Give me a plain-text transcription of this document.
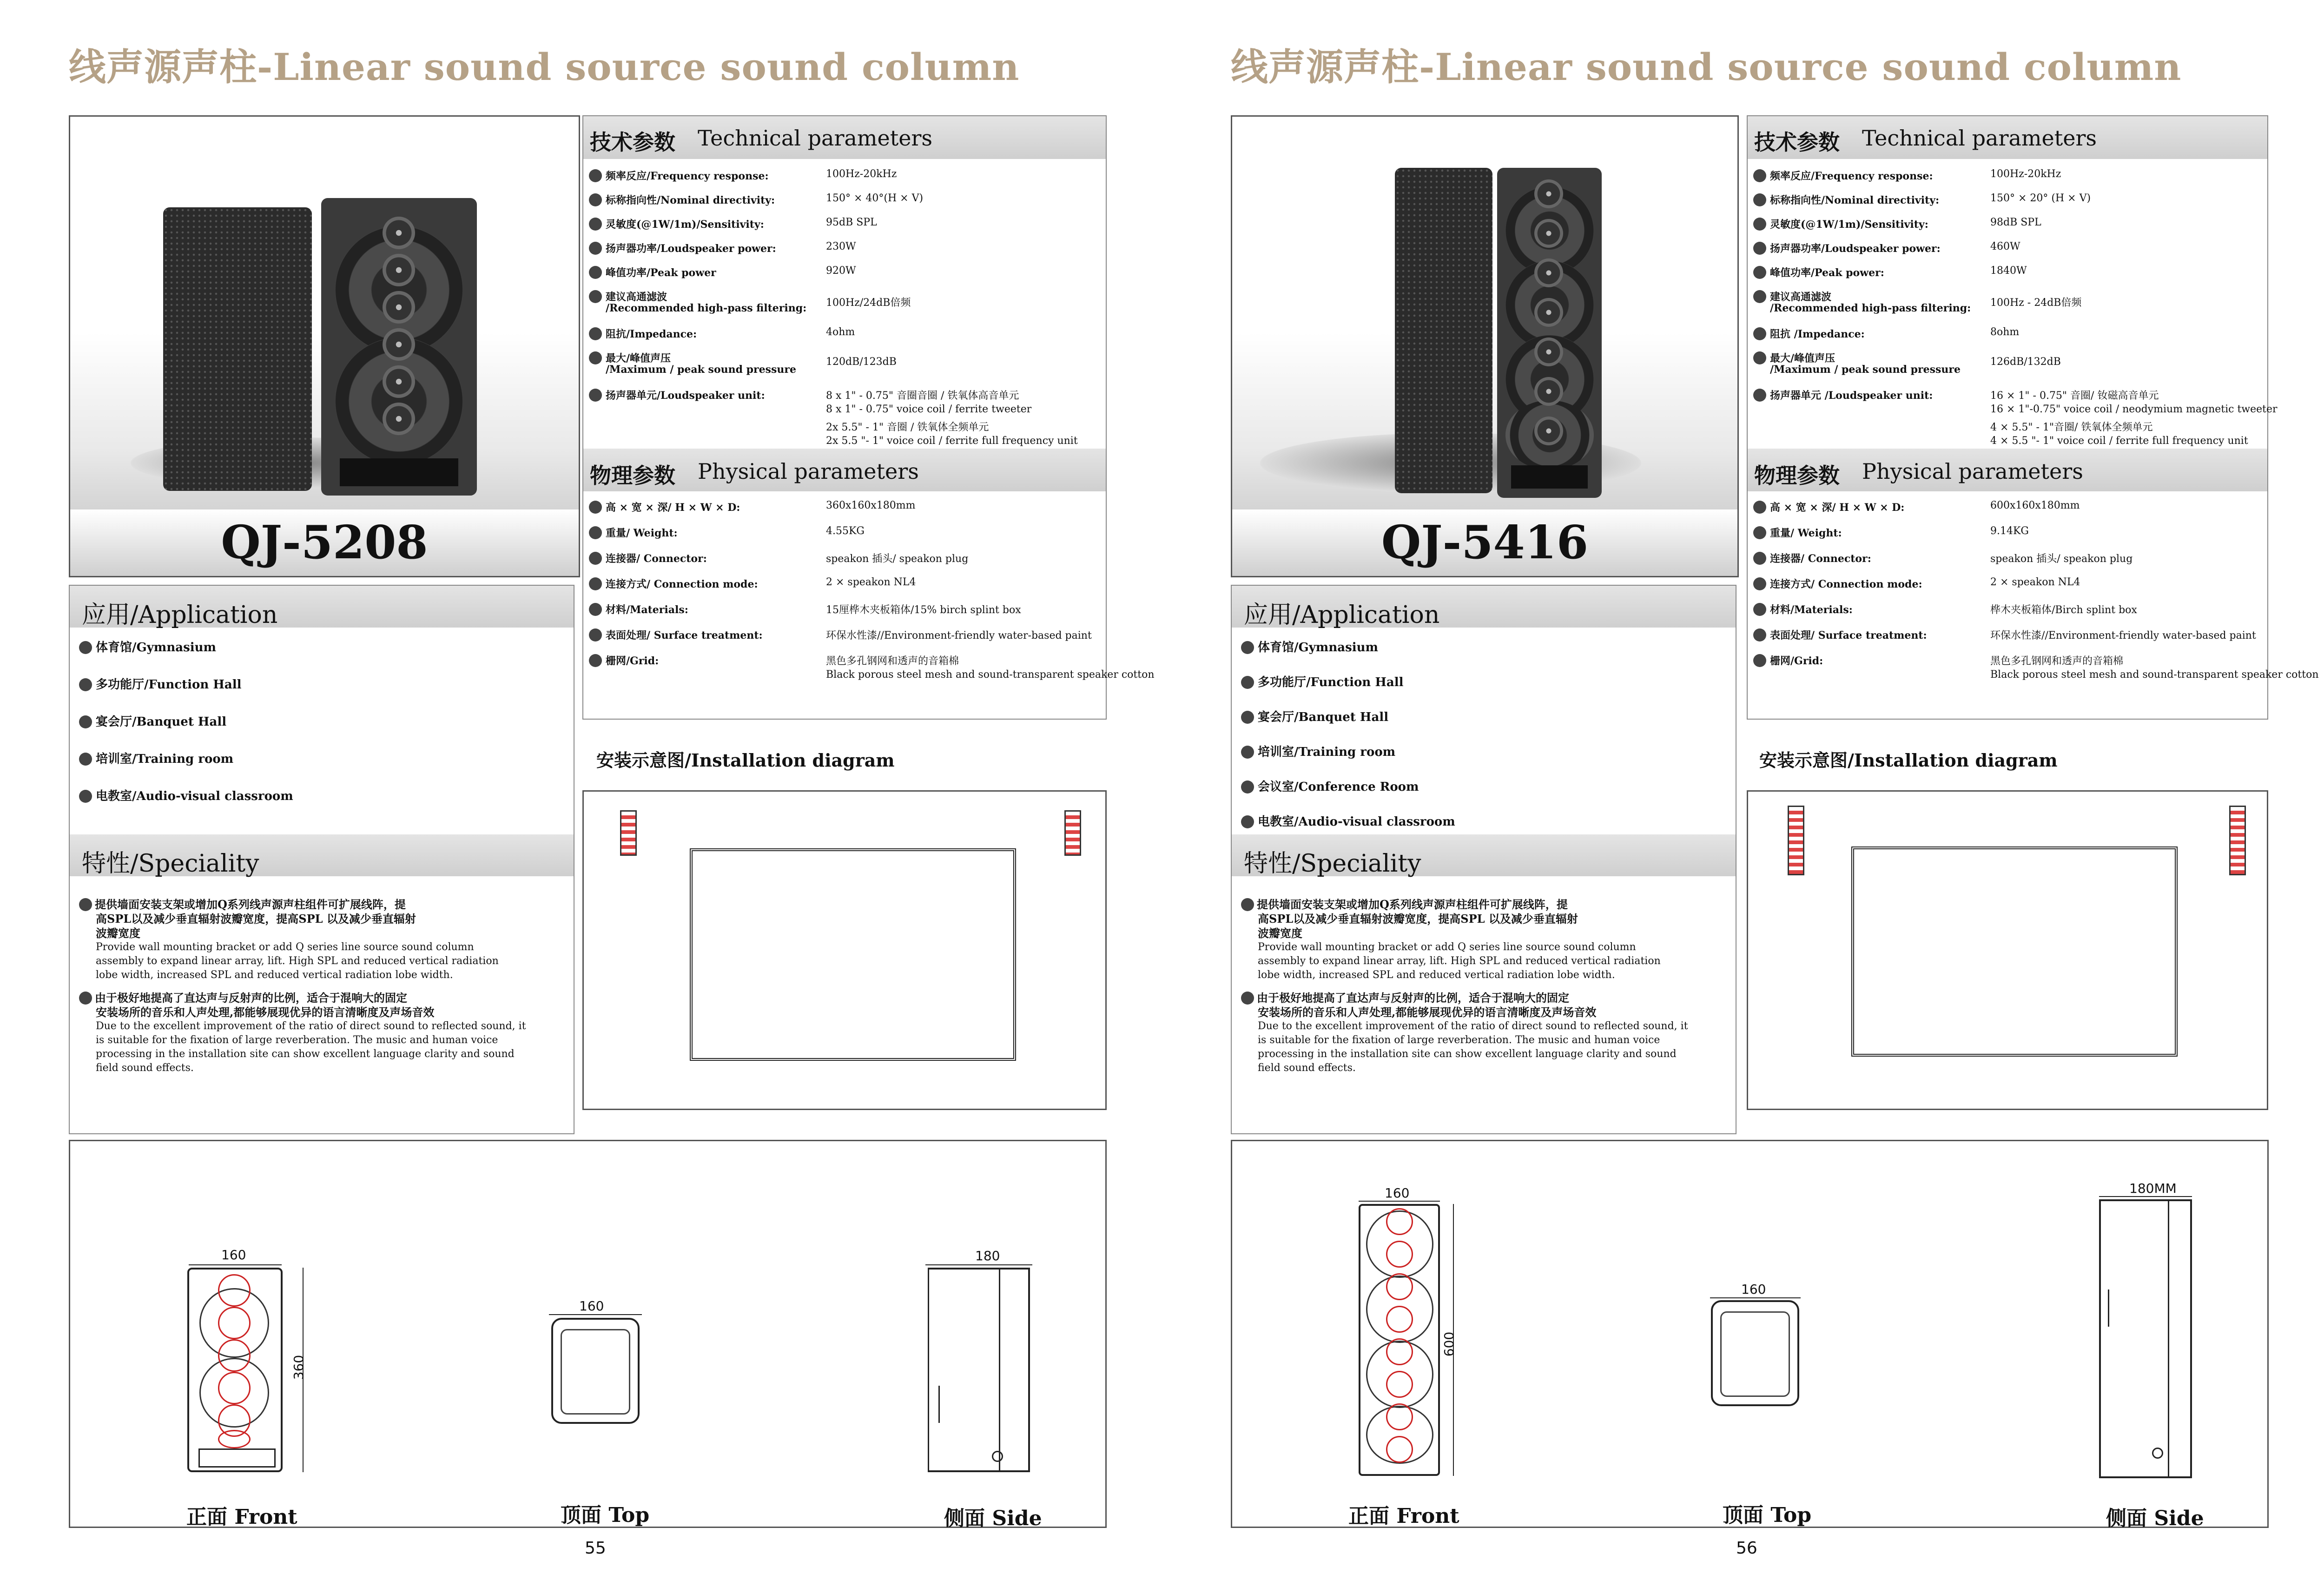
线声源声柱-Linear sound source sound column
QJ-5208
技术参数 Technical parameters
频率反应/Frequency response:	100Hz-20kHz
标称指向性/Nominal directivity:	150° × 40°(H × V)
灵敏度(@1W/1m)/Sensitivity:	95dB SPL
扬声器功率/Loudspeaker power:	230W
峰值功率/Peak power	920W
建议高通滤波
/Recommended high-pass filtering: 100Hz/24dB倍频
阻抗/Impedance:	4ohm
最大/峰值声压
/Maximum / peak sound pressure
120dB/123dB
扬声器单元/Loudspeaker unit:	8 x 1" - 0.75" 音圈音圈 / 铁氧体高音单元
8 x 1" - 0.75" voice coil / ferrite tweeter
2x 5.5" - 1" 音圈 / 铁氧体全频单元
2x 5.5 "- 1" voice coil / ferrite full frequency unit
物理参数 Physical parameters
高 × 宽 × 深/ H × W × D:	360x160x180mm
重量/ Weight:	4.55KG
连接器/ Connector:	speakon 插头/ speakon plug
连接方式/ Connection mode:	2 × speakon NL4
材料/Materials:	15厘桦木夹板箱体/15% birch splint box
表面处理/ Surface treatment:	环保水性漆//Environment-friendly water-based paint
栅网/Grid:	黑色多孔钢网和透声的音箱棉
Black porous steel mesh and sound-transparent speaker cotton
应用/Application
体育馆/Gymnasium
多功能厅/Function Hall
宴会厅/Banquet Hall
培训室/Training room
电教室/Audio-visual classroom
特性/Speciality
提供墙面安装支架或增加Q系列线声源声柱组件可扩展线阵，提
高SPL以及减少垂直辐射波瓣宽度，提高SPL 以及减少垂直辐射
波瓣宽度
Provide wall mounting bracket or add Q series line source sound column
assembly to expand linear array, lift. High SPL and reduced vertical radiation
lobe width, increased SPL and reduced vertical radiation lobe width.
由于极好地提高了直达声与反射声的比例，适合于混响大的固定
安装场所的音乐和人声处理,都能够展现优异的语言清晰度及声场音效
Due to the excellent improvement of the ratio of direct sound to reflected sound, it
is suitable for the fixation of large reverberation. The music and human voice
processing in the installation site can show excellent language clarity and sound
field sound effects.
安装示意图/Installation diagram
160
360
正面 Front
160
顶面 Top
180
侧面 Side
55
线声源声柱-Linear sound source sound column
QJ-5416
技术参数 Technical parameters
频率反应/Frequency response:	100Hz-20kHz
标称指向性/Nominal directivity:	150° × 20° (H × V)
灵敏度(@1W/1m)/Sensitivity:	98dB SPL
扬声器功率/Loudspeaker power:	460W
峰值功率/Peak power:	1840W
建议高通滤波
/Recommended high-pass filtering: 100Hz - 24dB倍频
阻抗 /Impedance:	8ohm
最大/峰值声压
/Maximum / peak sound pressure
126dB/132dB
扬声器单元 /Loudspeaker unit:	16 × 1" - 0.75" 音圈/ 钕磁高音单元
16 × 1"-0.75" voice coil / neodymium magnetic tweeter
4 × 5.5" - 1"音圈/ 铁氧体全频单元
4 × 5.5 "- 1" voice coil / ferrite full frequency unit
物理参数 Physical parameters
高 × 宽 × 深/ H × W × D:	600x160x180mm
重量/ Weight:	9.14KG
连接器/ Connector:	speakon 插头/ speakon plug
连接方式/ Connection mode:	2 × speakon NL4
材料/Materials:	桦木夹板箱体/Birch splint box
表面处理/ Surface treatment:	环保水性漆//Environment-friendly water-based paint
栅网/Grid:	黑色多孔钢网和透声的音箱棉
Black porous steel mesh and sound-transparent speaker cotton
应用/Application
体育馆/Gymnasium
多功能厅/Function Hall
宴会厅/Banquet Hall
培训室/Training room
会议室/Conference Room
电教室/Audio-visual classroom
特性/Speciality
提供墙面安装支架或增加Q系列线声源声柱组件可扩展线阵，提
高SPL以及减少垂直辐射波瓣宽度，提高SPL 以及减少垂直辐射
波瓣宽度
Provide wall mounting bracket or add Q series line source sound column
assembly to expand linear array, lift. High SPL and reduced vertical radiation
lobe width, increased SPL and reduced vertical radiation lobe width.
由于极好地提高了直达声与反射声的比例，适合于混响大的固定
安装场所的音乐和人声处理,都能够展现优异的语言清晰度及声场音效
Due to the excellent improvement of the ratio of direct sound to reflected sound, it
is suitable for the fixation of large reverberation. The music and human voice
processing in the installation site can show excellent language clarity and sound
field sound effects.
安装示意图/Installation diagram
160
600
正面 Front
160
顶面 Top
180MM
侧面 Side
56
